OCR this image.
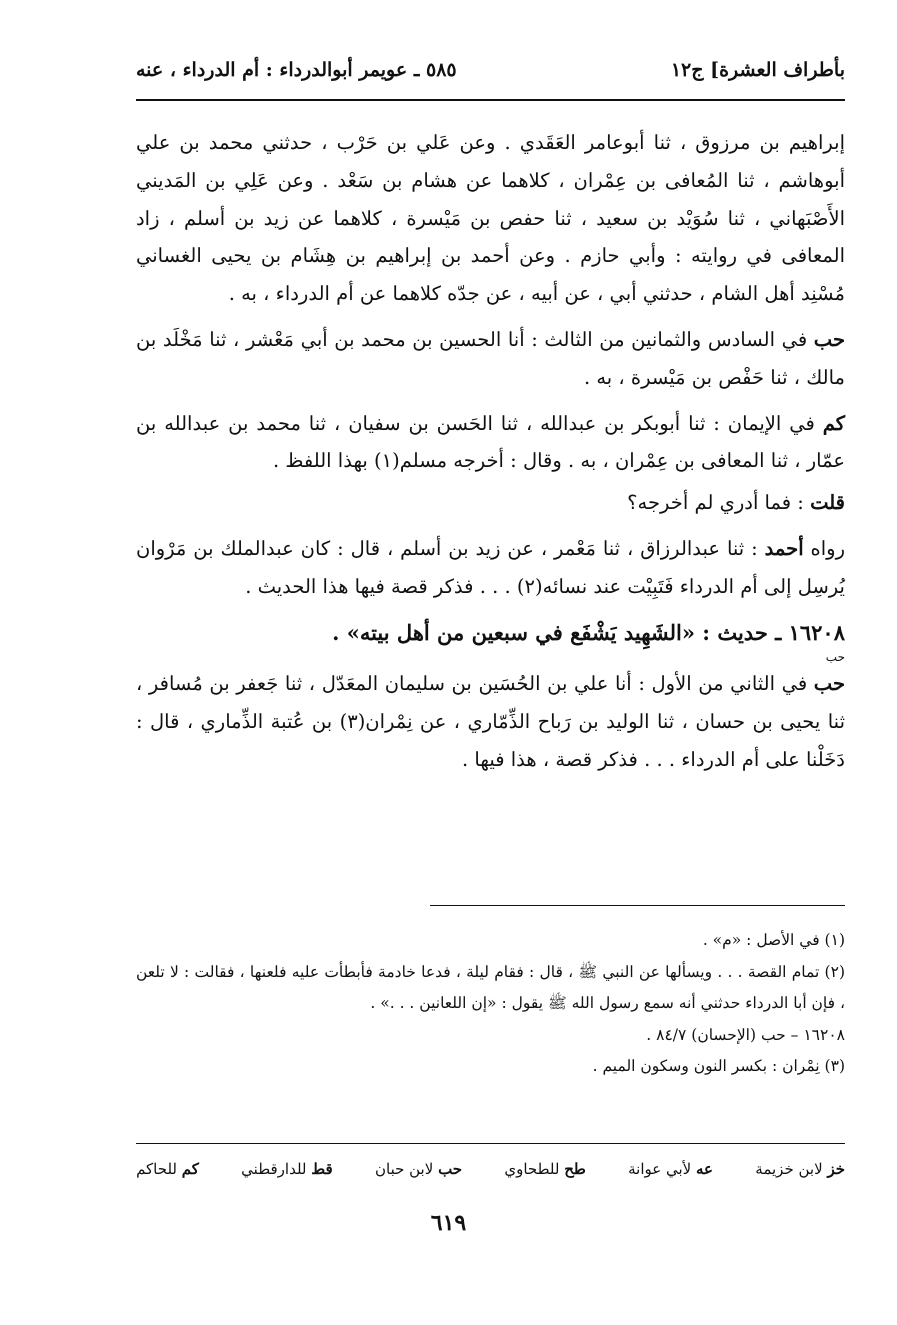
بأطراف العشرة] ج١٢
٥٨٥ ـ عويمر أبوالدرداء : أم الدرداء ، عنه

إبراهيم بن مرزوق ، ثنا أبوعامر العَقَدي . وعن عَلي بن حَرْب ، حدثني محمد بن علي أبوهاشم ، ثنا المُعافى بن عِمْران ، كلاهما عن هشام بن سَعْد . وعن عَلِي بن المَديني الأَصْبَهاني ، ثنا سُوَيْد بن سعيد ، ثنا حفص بن مَيْسرة ، كلاهما عن زيد بن أسلم ، زاد المعافى في روايته : وأبي حازم . وعن أحمد بن إبراهيم بن هِشَام بن يحيى الغساني مُسْنِد أهل الشام ، حدثني أبي ، عن أبيه ، عن جدّه كلاهما عن أم الدرداء ، به .

حب في السادس والثمانين من الثالث : أنا الحسين بن محمد بن أبي مَعْشر ، ثنا مَخْلَد بن مالك ، ثنا حَفْص بن مَيْسرة ، به .

كم في الإيمان : ثنا أبوبكر بن عبدالله ، ثنا الحَسن بن سفيان ، ثنا محمد بن عبدالله بن عمّار ، ثنا المعافى بن عِمْران ، به . وقال : أخرجه مسلم(١) بهذا اللفظ .

قلت : فما أدري لم أخرجه؟

رواه أحمد : ثنا عبدالرزاق ، ثنا مَعْمر ، عن زيد بن أسلم ، قال : كان عبدالملك بن مَرْوان يُرسِل إلى أم الدرداء فَتَبِيْت عند نسائه(٢) . . . فذكر قصة فيها هذا الحديث .

١٦٢٠٨ ـ حديث : «الشَهِيد يَشْفَع في سبعين من أهل بيته» .
حب

حب في الثاني من الأول : أنا علي بن الحُسَين بن سليمان المعَدّل ، ثنا جَعفر بن مُسافر ، ثنا يحيى بن حسان ، ثنا الوليد بن رَباح الذِّمّاري ، عن نِمْران(٣) بن عُتبة الذِّماري ، قال : دَخَلْنا على أم الدرداء . . . فذكر قصة ، هذا فيها .

(١) في الأصل : «م» .

(٢) تمام القصة . . . ويسألها عن النبي ﷺ ، قال : فقام ليلة ، فدعا خادمة فأبطأت عليه فلعنها ، فقالت : لا تلعن ، فإن أبا الدرداء حدثني أنه سمع رسول الله ﷺ يقول : «إن اللعانين . . .» .

١٦٢٠٨ – حب (الإحسان) ٨٤/٧ .

(٣) نِمْران : بكسر النون وسكون الميم .

خز لابن خزيمة
عه لأبي عوانة
طح للطحاوي
حب لابن حبان
قط للدارقطني
كم للحاكم
٦١٩
